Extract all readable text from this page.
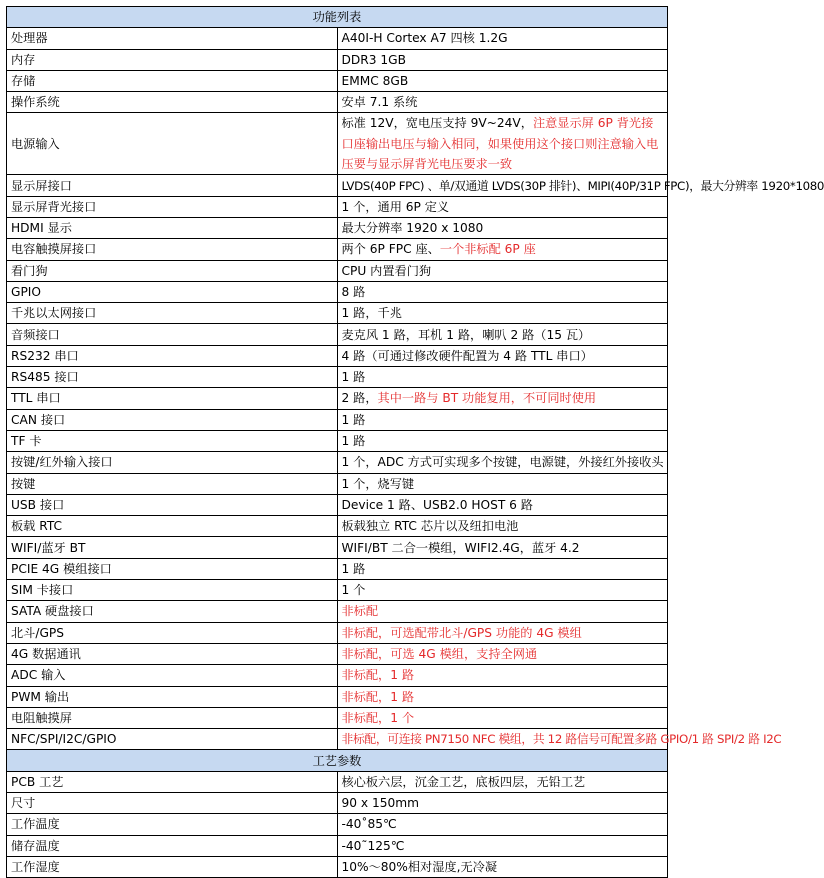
功能列表	
处理器	A40I-H Cortex A7 四核 1.2G
内存	DDR3 1GB
存储	EMMC 8GB
操作系统	安卓 7.1 系统
电源输入	标准 12V，宽电压支持 9V~24V，注意显示屏 6P 背光接口座输出电压与输入相同，如果使用这个接口则注意输入电压要与显示屏背光电压要求一致
显示屏接口	LVDS(40P FPC) 、单/双通道 LVDS(30P 排针)、MIPI(40P/31P FPC)，最大分辨率 1920*1080
显示屏背光接口	1 个，通用 6P 定义
HDMI 显示	最大分辨率 1920 x 1080
电容触摸屏接口	两个 6P FPC 座、一个非标配 6P 座
看门狗	CPU 内置看门狗
GPIO	8 路
千兆以太网接口	1 路，千兆
音频接口	麦克风 1 路，耳机 1 路，喇叭 2 路（15 瓦）
RS232 串口	4 路（可通过修改硬件配置为 4 路 TTL 串口）
RS485 接口	1 路
TTL 串口	2 路，其中一路与 BT 功能复用，不可同时使用
CAN 接口	1 路
TF 卡	1 路
按键/红外输入接口	1 个，ADC 方式可实现多个按键，电源键，外接红外接收头
按键	1 个，烧写键
USB 接口	Device 1 路、USB2.0 HOST 6 路
板载 RTC	板载独立 RTC 芯片以及纽扣电池
WIFI/蓝牙 BT	WIFI/BT 二合一模组，WIFI2.4G，蓝牙 4.2
PCIE 4G 模组接口	1 路
SIM 卡接口	1 个
SATA 硬盘接口	非标配
北斗/GPS	非标配，可选配带北斗/GPS 功能的 4G 模组
4G 数据通讯	非标配，可选 4G 模组，支持全网通
ADC 输入	非标配，1 路
PWM 输出	非标配，1 路
电阻触摸屏	非标配，1 个
NFC/SPI/I2C/GPIO	非标配，可连接 PN7150 NFC 模组，共 12 路信号可配置多路 GPIO/1 路 SPI/2 路 I2C
工艺参数	
PCB 工艺	核心板六层，沉金工艺，底板四层，无铅工艺
尺寸	90 x 150mm
工作温度	-40˚85℃
储存温度	-40˜125℃
工作湿度	10%～80%相对湿度,无冷凝
